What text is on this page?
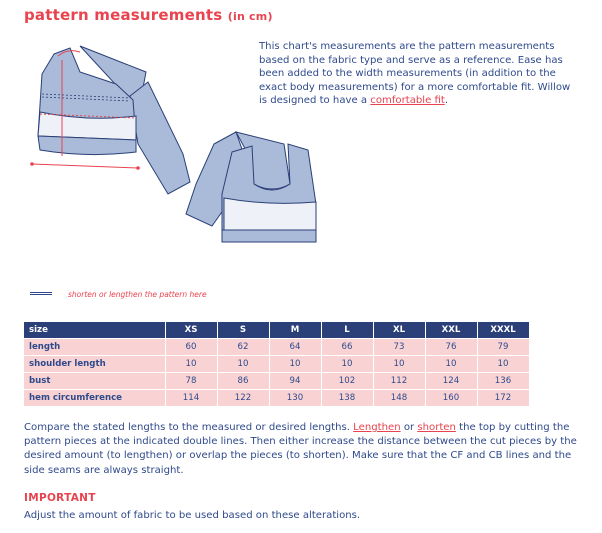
pattern measurements (in cm)
This chart's measurements are the pattern measurements based on the fabric type and serve as a reference. Ease has been added to the width measurements (in addition to the exact body measurements) for a more comfortable fit. Willow is designed to have a comfortable fit.
shorten or lengthen the pattern here
size	XS	S	M	L	XL	XXL	XXXL
length	60	62	64	66	73	76	79
shoulder length	10	10	10	10	10	10	10
bust	78	86	94	102	112	124	136
hem circumference	114	122	130	138	148	160	172
Compare the stated lengths to the measured or desired lengths. Lengthen or shorten the top by cutting the pattern pieces at the indicated double lines. Then either increase the distance between the cut pieces by the desired amount (to lengthen) or overlap the pieces (to shorten). Make sure that the CF and CB lines and the side seams are always straight.
IMPORTANT
Adjust the amount of fabric to be used based on these alterations.
